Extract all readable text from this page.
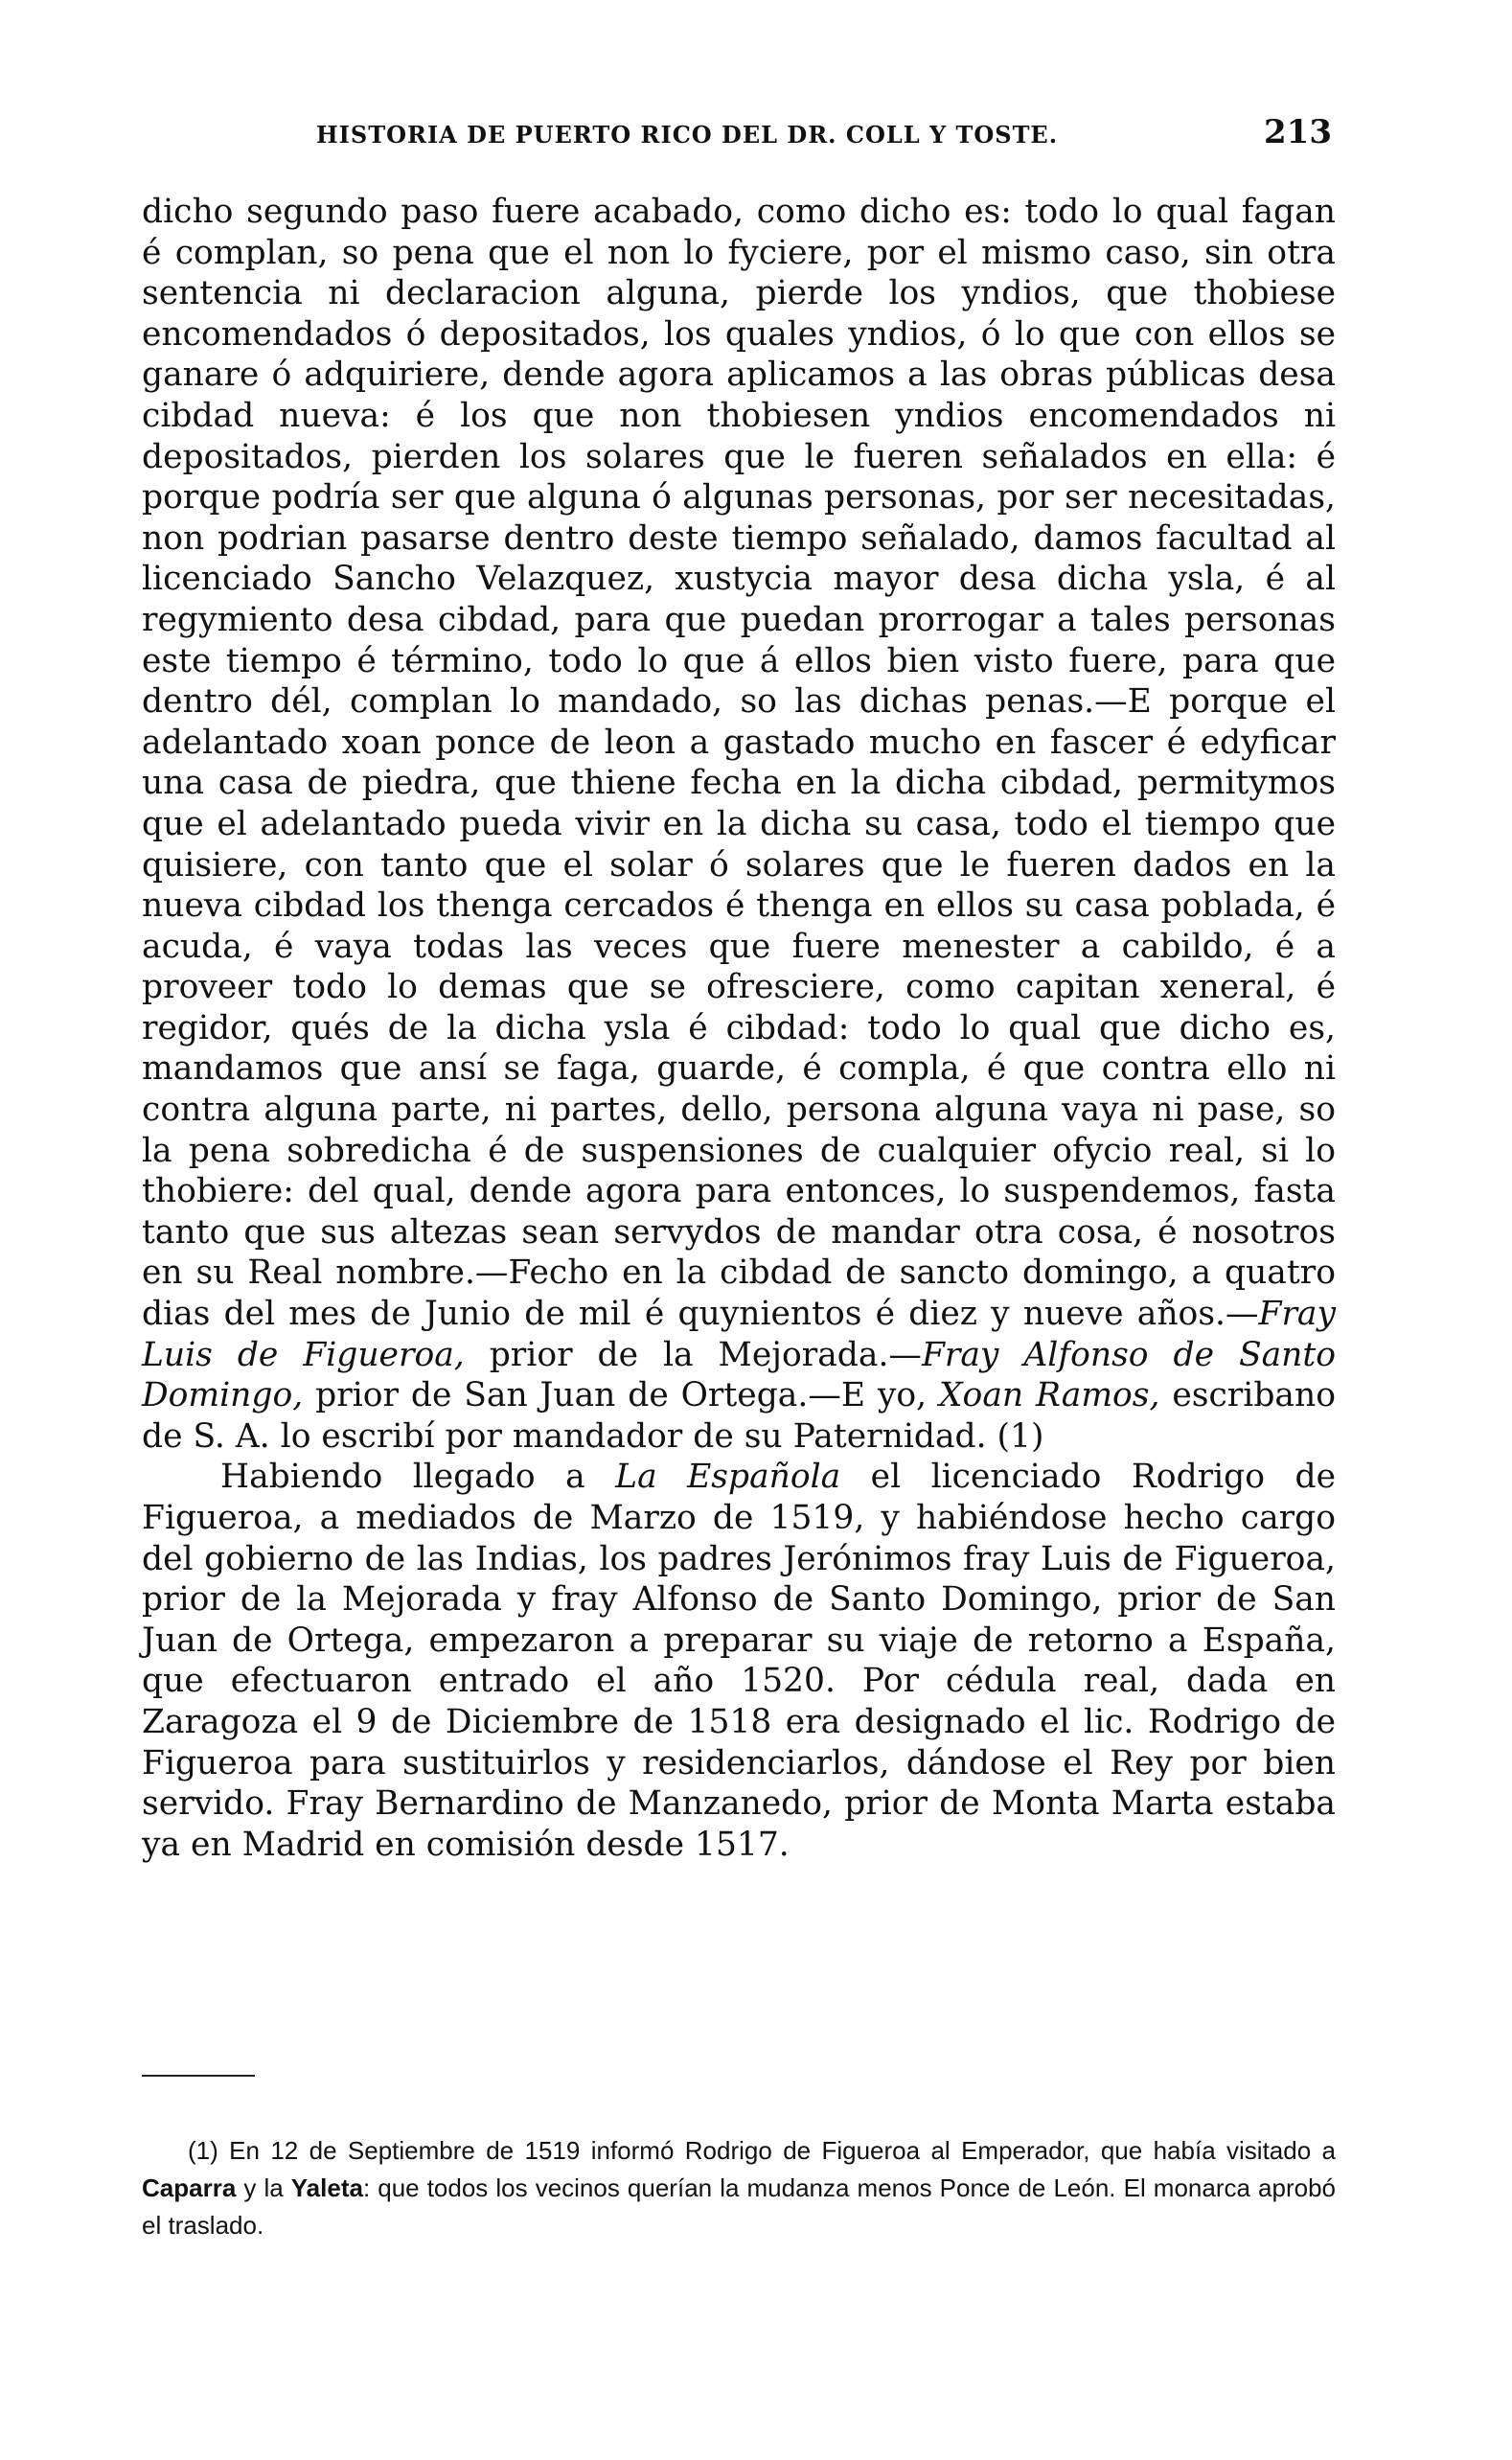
HISTORIA DE PUERTO RICO DEL DR. COLL Y TOSTE.	213

dicho segundo paso fuere acabado, como dicho es: todo lo qual fagan é complan, so pena que el non lo fyciere, por el mismo caso, sin otra sentencia ni declaracion alguna, pierde los yndios, que thobiese encomendados ó depositados, los quales yndios, ó lo que con ellos se ganare ó adquiriere, dende agora aplicamos a las obras públicas desa cibdad nueva: é los que non thobiesen yndios encomendados ni depositados, pierden los solares que le fueren señalados en ella: é porque podría ser que alguna ó algunas personas, por ser necesitadas, non podrian pasarse dentro deste tiempo señalado, damos facultad al licenciado Sancho Velazquez, xustycia mayor desa dicha ysla, é al regymiento desa cibdad, para que puedan prorrogar a tales personas este tiempo é término, todo lo que á ellos bien visto fuere, para que dentro dél, complan lo mandado, so las dichas penas.—E porque el adelantado xoan ponce de leon a gastado mucho en fascer é edyficar una casa de piedra, que thiene fecha en la dicha cibdad, permitymos que el adelantado pueda vivir en la dicha su casa, todo el tiempo que quisiere, con tanto que el solar ó solares que le fueren dados en la nueva cibdad los thenga cercados é thenga en ellos su casa poblada, é acuda, é vaya todas las veces que fuere menester a cabildo, é a proveer todo lo demas que se ofresciere, como capitan xeneral, é regidor, qués de la dicha ysla é cibdad: todo lo qual que dicho es, mandamos que ansí se faga, guarde, é compla, é que contra ello ni contra alguna parte, ni partes, dello, persona alguna vaya ni pase, so la pena sobredicha é de suspensiones de cualquier ofycio real, si lo thobiere: del qual, dende agora para entonces, lo suspendemos, fasta tanto que sus altezas sean servydos de mandar otra cosa, é nosotros en su Real nombre.—Fecho en la cibdad de sancto domingo, a quatro dias del mes de Junio de mil é quynientos é diez y nueve años.—Fray Luis de Figueroa, prior de la Mejorada.—Fray Alfonso de Santo Domingo, prior de San Juan de Ortega.—E yo, Xoan Ramos, escribano de S. A. lo escribí por mandador de su Paternidad. (1)

Habiendo llegado a La Española el licenciado Rodrigo de Figueroa, a mediados de Marzo de 1519, y habiéndose hecho cargo del gobierno de las Indias, los padres Jerónimos fray Luis de Figueroa, prior de la Mejorada y fray Alfonso de Santo Domingo, prior de San Juan de Ortega, empezaron a preparar su viaje de retorno a España, que efectuaron entrado el año 1520. Por cédula real, dada en Zaragoza el 9 de Diciembre de 1518 era designado el lic. Rodrigo de Figueroa para sustituirlos y residenciarlos, dándose el Rey por bien servido. Fray Bernardino de Manzanedo, prior de Monta Marta estaba ya en Madrid en comisión desde 1517.

(1) En 12 de Septiembre de 1519 informó Rodrigo de Figueroa al Emperador, que había visitado a Caparra y la Yaleta: que todos los vecinos querían la mudanza menos Ponce de León. El monarca aprobó el traslado.
